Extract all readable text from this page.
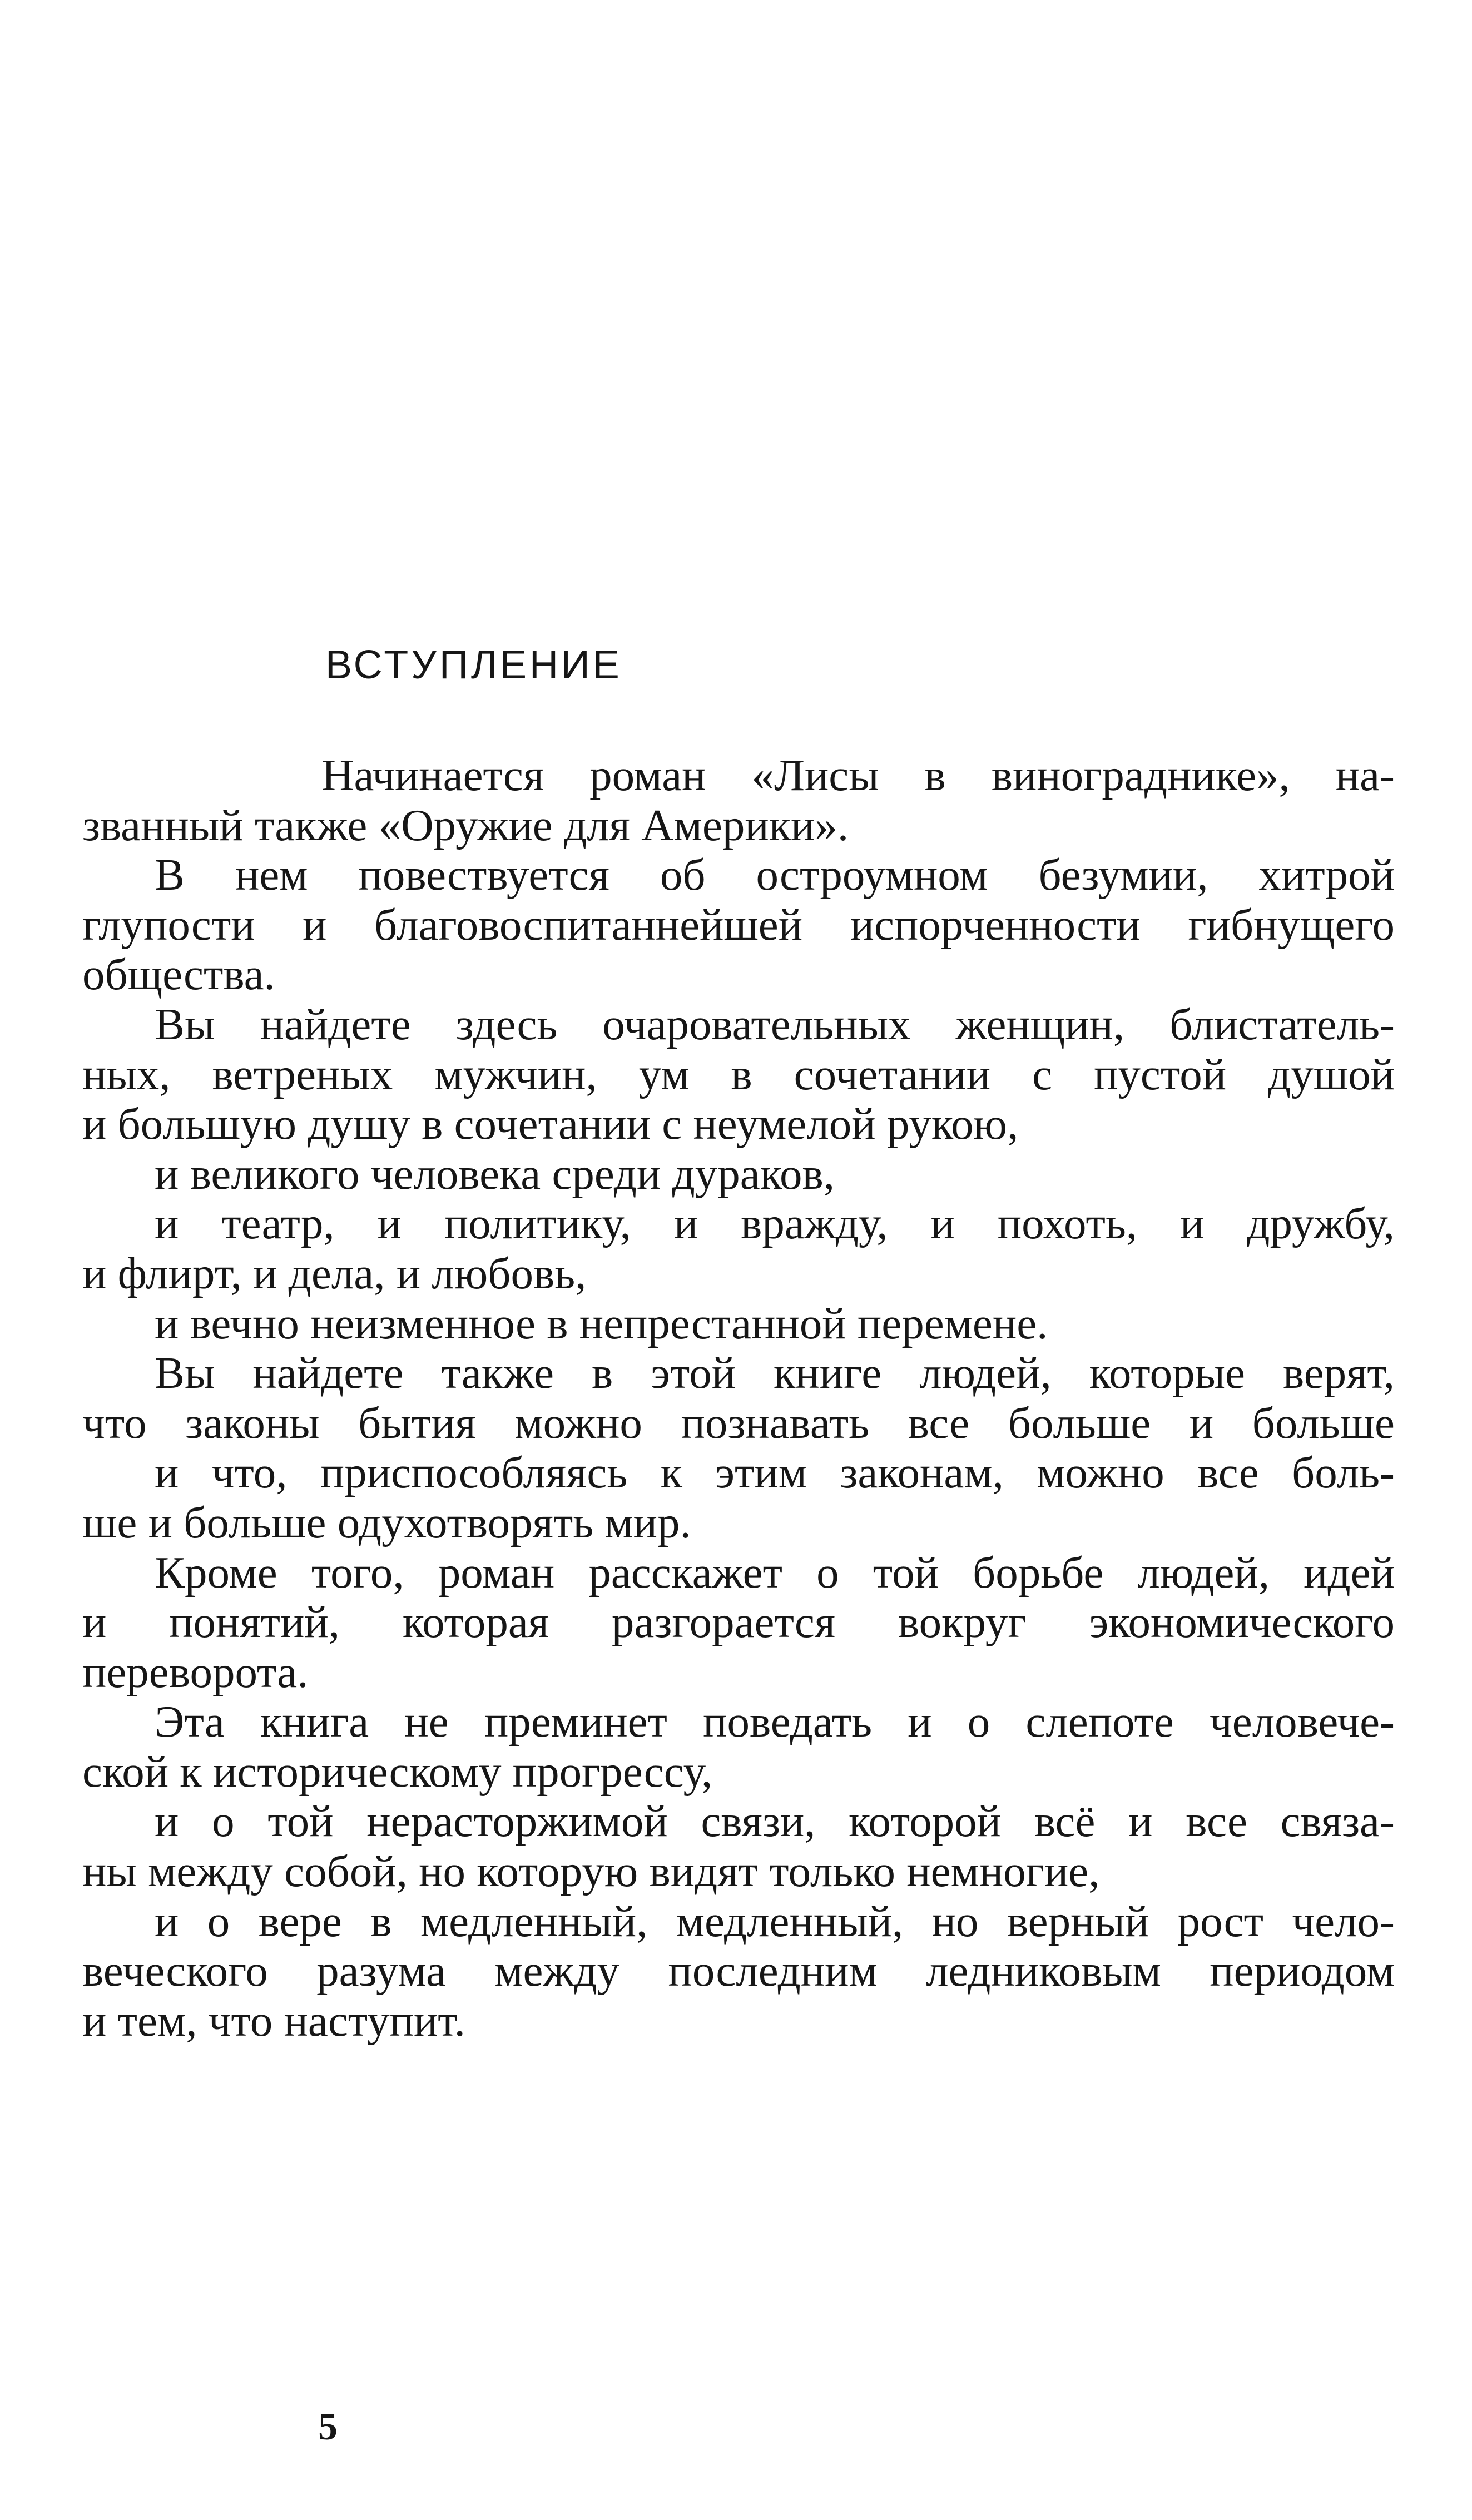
ВСТУПЛЕНИЕ
Начинается роман «Лисы в винограднике», на-
званный также «Оружие для Америки».
В нем повествуется об остроумном безумии, хитрой
глупости и благовоспитаннейшей испорченности гибнущего
общества.
Вы найдете здесь очаровательных женщин, блистатель-
ных, ветреных мужчин, ум в сочетании с пустой душой
и большую душу в сочетании с неумелой рукою,
и великого человека среди дураков,
и театр, и политику, и вражду, и похоть, и дружбу,
и флирт, и дела, и любовь,
и вечно неизменное в непрестанной перемене.
Вы найдете также в этой книге людей, которые верят,
что законы бытия можно познавать все больше и больше
и что, приспособляясь к этим законам, можно все боль-
ше и больше одухотворять мир.
Кроме того, роман расскажет о той борьбе людей, идей
и понятий, которая разгорается вокруг экономического
переворота.
Эта книга не преминет поведать и о слепоте человече-
ской к историческому прогрессу,
и о той нерасторжимой связи, которой всё и все связа-
ны между собой, но которую видят только немногие,
и о вере в медленный, медленный, но верный рост чело-
веческого разума между последним ледниковым периодом
и тем, что наступит.
5
